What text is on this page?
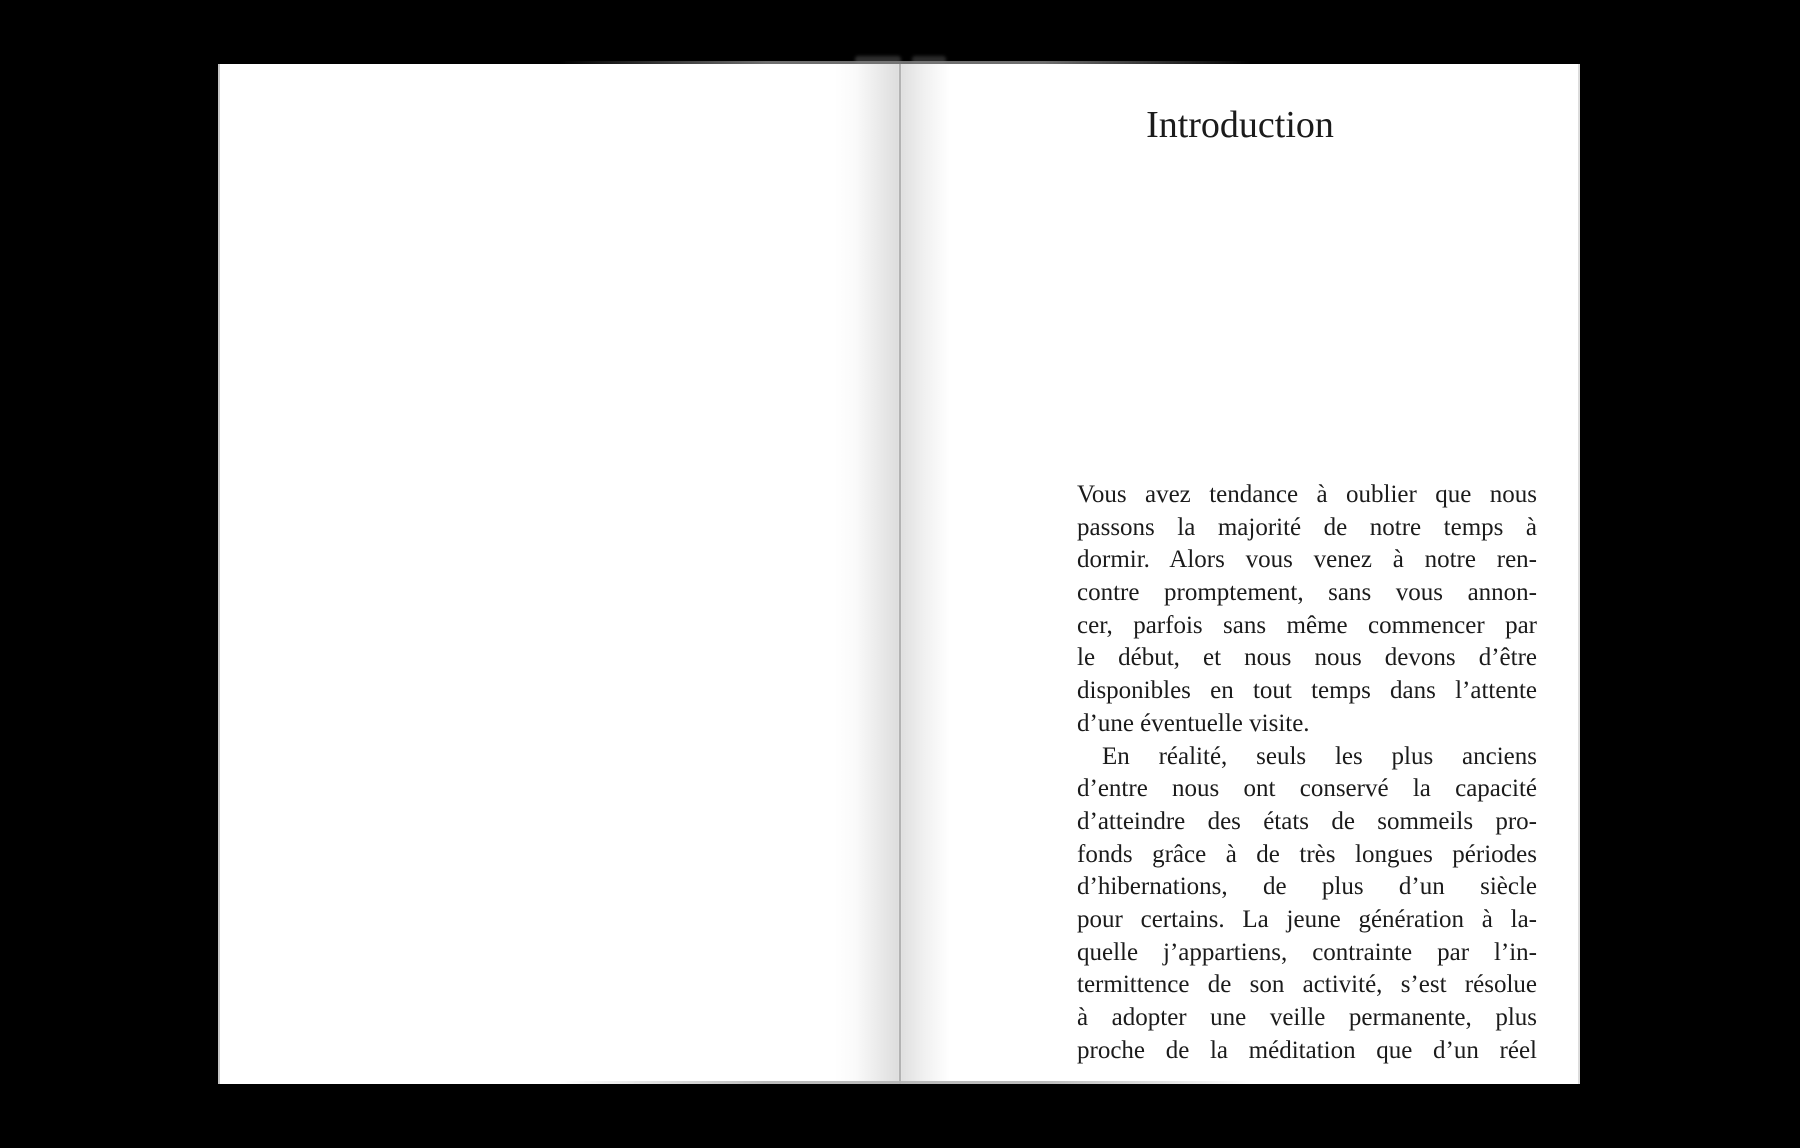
Introduction
Vous avez tendance à oublier que nous
passons la majorité de notre temps à
dormir. Alors vous venez à notre ren-
contre promptement, sans vous annon-
cer, parfois sans même commencer par
le début, et nous nous devons d’être
disponibles en tout temps dans l’attente
d’une éventuelle visite.
En réalité, seuls les plus anciens
d’entre nous ont conservé la capacité
d’atteindre des états de sommeils pro-
fonds grâce à de très longues périodes
d’hibernations, de plus d’un siècle
pour certains. La jeune génération à la-
quelle j’appartiens, contrainte par l’in-
termittence de son activité, s’est résolue
à adopter une veille permanente, plus
proche de la méditation que d’un réel
